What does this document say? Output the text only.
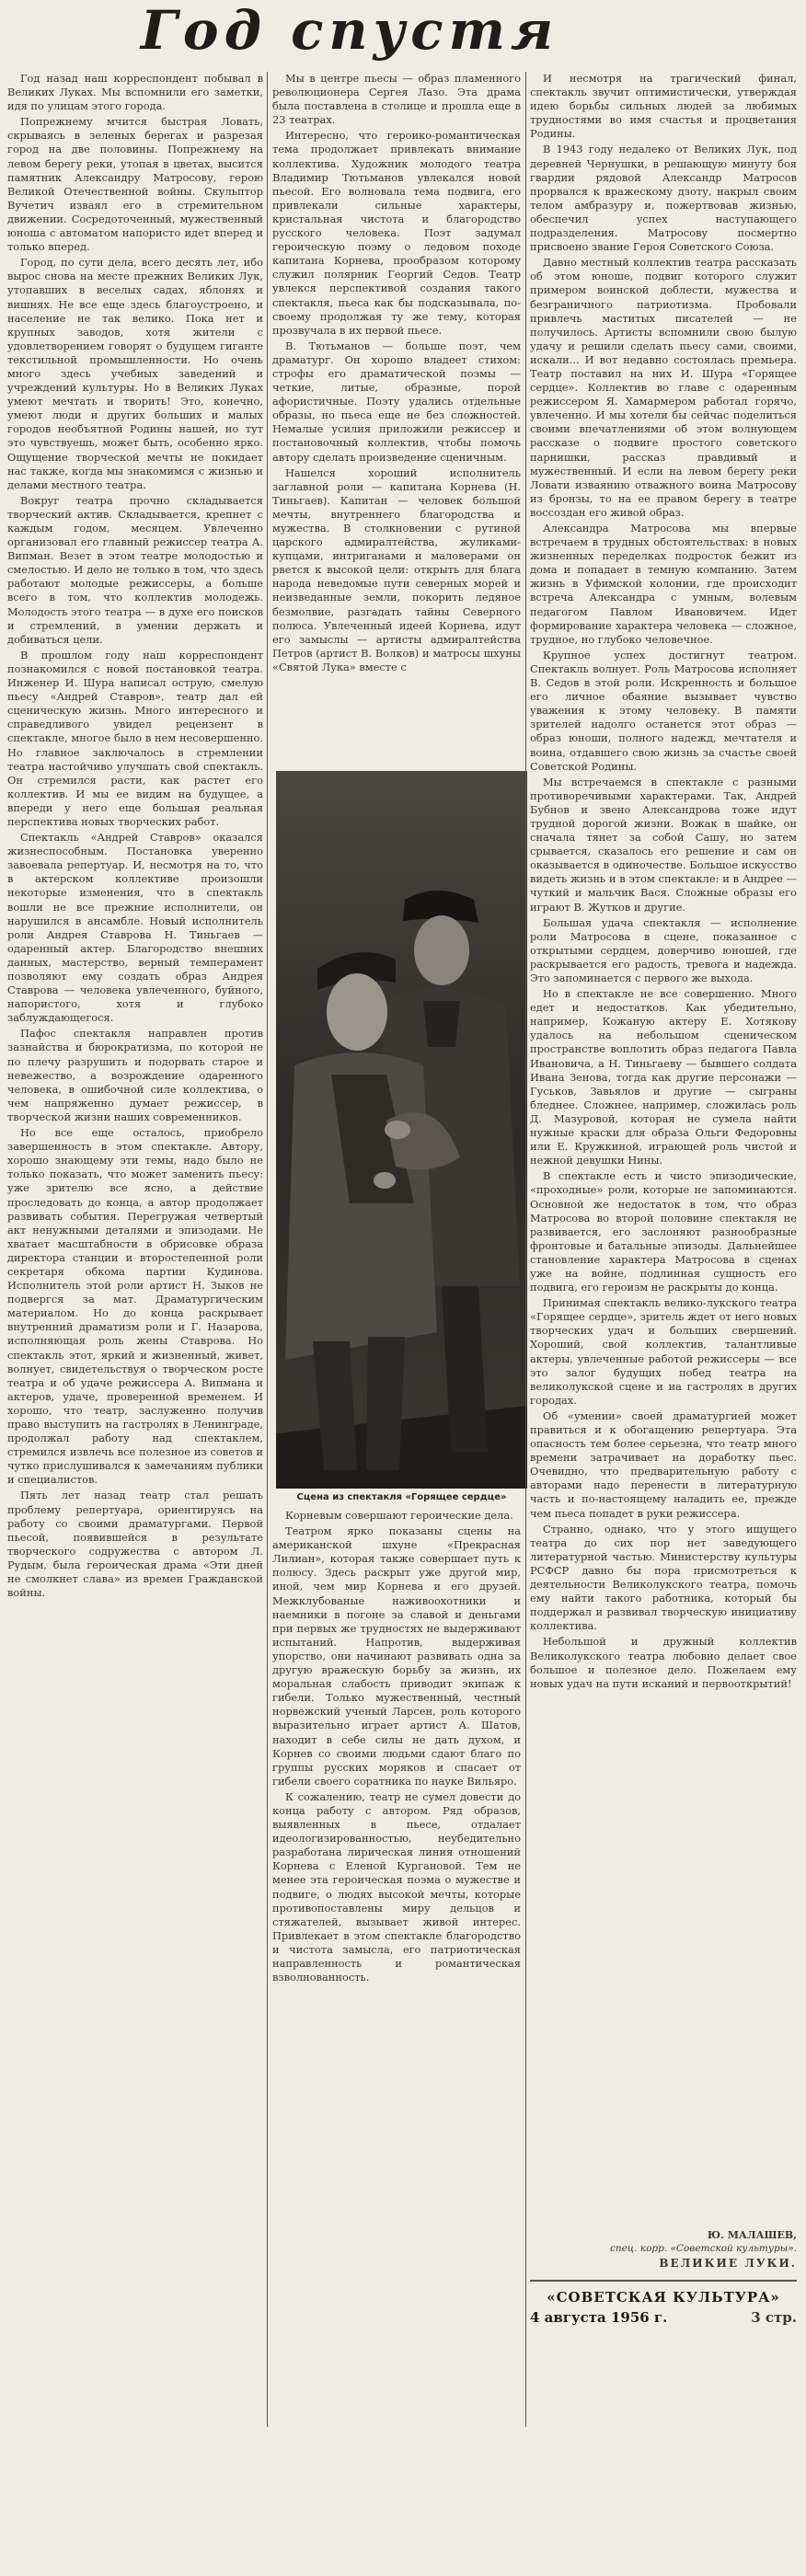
Год спустя

Год назад наш корреспондент побывал в Великих Луках. Мы вспомнили его заметки, идя по улицам этого города.

Попрежнему мчится быстрая Ловать, скрываясь в зеленых берегах и разрезая город на две половины. Попрежнему на левом берегу реки, утопая в цветах, высится памятник Александру Матросову, герою Великой Отечественной войны. Скульптор Вучетич изваял его в стремительном движении. Сосредоточенный, мужественный юноша с автоматом напористо идет вперед и только вперед.

Город, по сути дела, всего десять лет, ибо вырос снова на месте прежних Великих Лук, утопавших в веселых садах, яблонях и вишнях. Не все еще здесь благоустроено, и население не так велико. Пока нет и крупных заводов, хотя жители с удовлетворением говорят о будущем гиганте текстильной промышленности. Но очень много здесь учебных заведений и учреждений культуры. Но в Великих Луках умеют мечтать и творить! Это, конечно, умеют люди и других больших и малых городов необъятной Родины нашей, но тут это чувствуешь, может быть, особенно ярко. Ощущение творческой мечты не покидает нас также, когда мы знакомимся с жизнью и делами местного театра.

Вокруг театра прочно складывается творческий актив. Складывается, крепнет с каждым годом, месяцем. Увлеченно организовал его главный режиссер театра А. Випман. Везет в этом театре молодостью и смелостью. И дело не только в том, что здесь работают молодые режиссеры, а больше всего в том, что коллектив молодежь. Молодость этого театра — в духе его поисков и стремлений, в умении держать и добиваться цели.

В прошлом году наш корреспондент познакомился с новой постановкой театра. Инженер И. Шура написал острую, смелую пьесу «Андрей Ставров», театр дал ей сценическую жизнь. Много интересного и справедливого увидел рецензент в спектакле, многое было в нем несовершенно. Но главное заключалось в стремлении театра настойчиво улучшать свой спектакль. Он стремился расти, как растет его коллектив. И мы ее видим на будущее, а впереди у него еще большая реальная перспектива новых творческих работ.

Спектакль «Андрей Ставров» оказался жизнеспособным. Постановка уверенно завоевала репертуар. И, несмотря на то, что в актерском коллективе произошли некоторые изменения, что в спектакль вошли не все прежние исполнители, он нарушился в ансамбле. Новый исполнитель роли Андрея Ставрова Н. Тиньгаев — одаренный актер. Благородство внешних данных, мастерство, верный темперамент позволяют ему создать образ Андрея Ставрова — человека увлеченного, буйного, напористого, хотя и глубоко заблуждающегося.

Пафос спектакля направлен против зазнайства и бюрократизма, по которой не по плечу разрушить и подорвать старое и невежество, а возрождение одаренного человека, в ошибочной силе коллектива, о чем напряженно думает режиссер, в творческой жизни наших современников.

Но все еще осталось, приобрело завершенность в этом спектакле. Автору, хорошо знающему эти темы, надо было не только показать, что может заменить пьесу: уже зрителю все ясно, а действие проследовать до конца, а автор продолжает развивать события. Перегружая четвертый акт ненужными деталями и эпизодами. Не хватает масштабности в обрисовке образа директора станции и второстепенной роли секретаря обкома партии Кудинова. Исполнитель этой роли артист Н. Зыков не подвергся за мат. Драматургическим материалом. Но до конца раскрывает внутренний драматизм роли и Г. Назарова, исполняющая роль жены Ставрова. Но спектакль этот, яркий и жизненный, живет, волнует, свидетельствуя о творческом росте театра и об удаче режиссера А. Випмана и актеров, удаче, проверенной временем. И хорошо, что театр, заслуженно получив право выступить на гастролях в Ленинграде, продолжал работу над спектаклем, стремился извлечь все полезное из советов и чутко прислушивался к замечаниям публики и специалистов.

Пять лет назад театр стал решать проблему репертуара, ориентируясь на работу со своими драматургами. Первой пьесой, появившейся в результате творческого содружества с автором Л. Рудым, была героическая драма «Эти дней не смолкнет слава» из времен Гражданской войны.

Мы в центре пьесы — образ пламенного революционера Сергея Лазо. Эта драма была поставлена в столице и прошла еще в 23 театрах.

Интересно, что героико-романтическая тема продолжает привлекать внимание коллектива. Художник молодого театра Владимир Тютьманов увлекался новой пьесой. Его волновала тема подвига, его привлекали сильные характеры, кристальная чистота и благородство русского человека. Поэт задумал героическую поэму о ледовом походе капитана Корнева, прообразом которому служил полярник Георгий Седов. Театр увлекся перспективой создания такого спектакля, пьеса как бы подсказывала, по-своему продолжая ту же тему, которая прозвучала в их первой пьесе.

В. Тютьманов — больше поэт, чем драматург. Он хорошо владеет стихом: строфы его драматической поэмы — четкие, литые, образные, порой афористичные. Поэту удались отдельные образы, но пьеса еще не без сложностей. Немалые усилия приложили режиссер и постановочный коллектив, чтобы помочь автору сделать произведение сценичным.

Нашелся хороший исполнитель заглавной роли — капитана Корнева (Н. Тиньгаев). Капитан — человек большой мечты, внутреннего благородства и мужества. В столкновении с рутиной царского адмиралтейства, жуликами-купцами, интриганами и маловерами он рвется к высокой цели: открыть для блага народа неведомые пути северных морей и неизведанные земли, покорить ледяное безмолвие, разгадать тайны Северного полюса. Увлеченный идеей Корнева, идут его замыслы — артисты адмиралтейства Петров (артист В. Волков) и матросы шхуны «Святой Лука» вместе с

Сцена из спектакля «Горящее сердце»

Корневым совершают героические дела.

Театром ярко показаны сцены на американской шхуне «Прекрасная Лилиан», которая также совершает путь к полюсу. Здесь раскрыт уже другой мир, иной, чем мир Корнева и его друзей. Межклубованые наживоохотники и наемники в погоне за славой и деньгами при первых же трудностях не выдерживают испытаний. Напротив, выдерживая упорство, они начинают развивать одна за другую вражескую борьбу за жизнь, их моральная слабость приводит экипаж к гибели. Только мужественный, честный норвежский ученый Ларсен, роль которого выразительно играет артист А. Шатов, находит в себе силы не дать духом, и Корнев со своими людьми сдают благо по группы русских моряков и спасает от гибели своего соратника по науке Вильяро.

К сожалению, театр не сумел довести до конца работу с автором. Ряд образов, выявленных в пьесе, отдалает идеологизированностью, неубедительно разработана лирическая линия отношений Корнева с Еленой Кургановой. Тем не менее эта героическая поэма о мужестве и подвиге, о людях высокой мечты, которые противопоставлены миру дельцов и стяжателей, вызывает живой интерес. Привлекает в этом спектакле благородство и чистота замысла, его патриотическая направленность и романтическая взволнованность.

И несмотря на трагический финал, спектакль звучит оптимистически, утверждая идею борьбы сильных людей за любимых трудностями во имя счастья и процветания Родины.

В 1943 году недалеко от Великих Лук, под деревней Чернушки, в решающую минуту боя гвардии рядовой Александр Матросов прорвался к вражескому дзоту, накрыл своим телом амбразуру и, пожертвовав жизнью, обеспечил успех наступающего подразделения. Матросову посмертно присвоено звание Героя Советского Союза.

Давно местный коллектив театра рассказать об этом юноше, подвиг которого служит примером воинской доблести, мужества и безграничного патриотизма. Пробовали привлечь маститых писателей — не получилось. Артисты вспомнили свою былую удачу и решили сделать пьесу сами, своими, искали... И вот недавно состоялась премьера. Театр поставил на них И. Шура «Горящее сердце». Коллектив во главе с одаренным режиссером Я. Хамармером работал горячо, увлеченно. И мы хотели бы сейчас поделиться своими впечатлениями об этом волнующем рассказе о подвиге простого советского парнишки, рассказ правдивый и мужественный. И если на левом берегу реки Ловати изваянию отважного воина Матросову из бронзы, то на ее правом берегу в театре воссоздан его живой образ.

Александра Матросова мы впервые встречаем в трудных обстоятельствах: в новых жизненных переделках подросток бежит из дома и попадает в темную компанию. Затем жизнь в Уфимской колонии, где происходит встреча Александра с умным, волевым педагогом Павлом Ивановичем. Идет формирование характера человека — сложное, трудное, но глубоко человечное.

Крупное успех достигнут театром. Спектакль волнует. Роль Матросова исполняет В. Седов в этой роли. Искренность и большое его личное обаяние вызывает чувство уважения к этому человеку. В памяти зрителей надолго останется этот образ — образ юноши, полного надежд, мечтателя и воина, отдавшего свою жизнь за счастье своей Советской Родины.

Мы встречаемся в спектакле с разными противоречивыми характерами. Так, Андрей Бубнов и звено Александрова тоже идут трудной дорогой жизни. Вожак в шайке, он сначала тянет за собой Сашу, но затем срывается, сказалось его решение и сам он оказывается в одиночестве. Большое искусство видеть жизнь и в этом спектакле: и в Андрее — чуткий и мальчик Вася. Сложные образы его играют В. Жутков и другие.

Большая удача спектакля — исполнение роли Матросова в сцене, показанное с открытыми сердцем, доверчиво юношей, где раскрывается его радость, тревога и надежда. Это запоминается с первого же выхода.

Но в спектакле не все совершенно. Много едет и недостатков. Как убедительно, например, Кожаную актеру Е. Хотякову удалось на небольшом сценическом пространстве воплотить образ педагога Павла Ивановича, а Н. Тиньгаеву — бывшего солдата Ивана Зенова, тогда как другие персонажи — Гуськов, Завьялов и другие — сыграны бледнее. Сложнее, например, сложилась роль Д. Мазуровой, которая не сумела найти нужные краски для образа Ольги Федоровны или Е. Кружкиной, играющей роль чистой и нежной девушки Нины.

В спектакле есть и чисто эпизодические, «проходные» роли, которые не запоминаются. Основной же недостаток в том, что образ Матросова во второй половине спектакля не развивается, его заслоняют разнообразные фронтовые и батальные эпизоды. Дальнейшее становление характера Матросова в сценах уже на войне, подлинная сущность его подвига, его героизм не раскрыты до конца.

Принимая спектакль велико-лукского театра «Горящее сердце», зритель ждет от него новых творческих удач и больших свершений. Хороший, свой коллектив, талантливые актеры, увлеченные работой режиссеры — все это залог будущих побед театра на великолукской сцене и на гастролях в других городах.

Об «умении» своей драматургией может правиться и к обогащению репертуара. Эта опасность тем более серьезна, что театр много времени затрачивает на доработку пьес. Очевидно, что предварительную работу с авторами надо перенести в литературную часть и по-настоящему наладить ее, прежде чем пьеса попадет в руки режиссера.

Странно, однако, что у этого ищущего театра до сих пор нет заведующего литературной частью. Министерству культуры РСФСР давно бы пора присмотреться к деятельности Великолукского театра, помочь ему найти такого работника, который бы поддержал и развивал творческую инициативу коллектива.

Небольшой и дружный коллектив Великолукского театра любовно делает свое большое и полезное дело. Пожелаем ему новых удач на пути исканий и первооткрытий!

Ю. МАЛАШЕВ,

спец. корр. «Советской культуры».

ВЕЛИКИЕ ЛУКИ.

«СОВЕТСКАЯ КУЛЬТУРА»

4 августа 1956 г.	3 стр.
